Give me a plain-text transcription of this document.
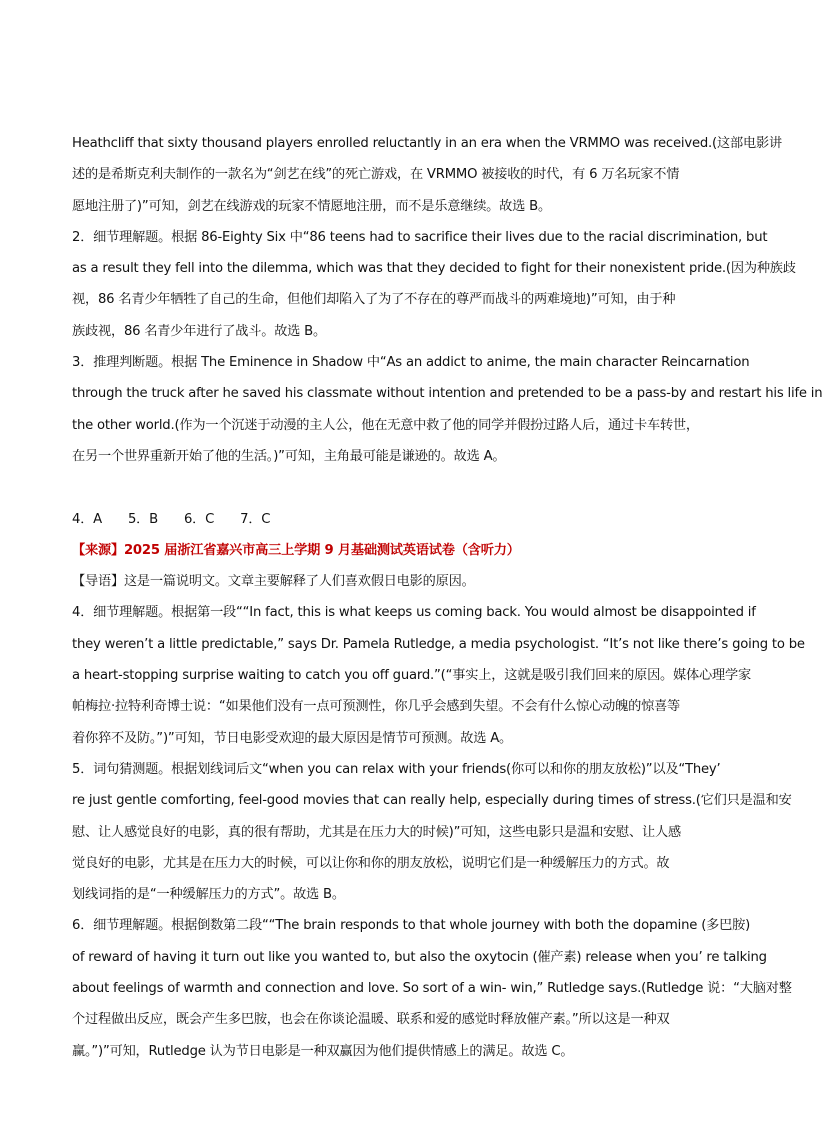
Heathcliff that sixty thousand players enrolled reluctantly in an era when the VRMMO was received.(这部电影讲
述的是希斯克利夫制作的一款名为“剑艺在线”的死亡游戏，在 VRMMO 被接收的时代，有 6 万名玩家不情
愿地注册了)”可知，剑艺在线游戏的玩家不情愿地注册，而不是乐意继续。故选 B。
2．细节理解题。根据 86-Eighty Six 中“86 teens had to sacrifice their lives due to the racial discrimination, but
as a result they fell into the dilemma, which was that they decided to fight for their nonexistent pride.(因为种族歧
视，86 名青少年牺牲了自己的生命，但他们却陷入了为了不存在的尊严而战斗的两难境地)”可知，由于种
族歧视，86 名青少年进行了战斗。故选 B。
3．推理判断题。根据 The Eminence in Shadow 中“As an addict to anime, the main character Reincarnation
through the truck after he saved his classmate without intention and pretended to be a pass-by and restart his life in
the other world.(作为一个沉迷于动漫的主人公，他在无意中救了他的同学并假扮过路人后，通过卡车转世，
在另一个世界重新开始了他的生活。)”可知，主角最可能是谦逊的。故选 A。
4．A　　5．B　　6．C　　7．C
【来源】2025 届浙江省嘉兴市高三上学期 9 月基础测试英语试卷（含听力）
【导语】这是一篇说明文。文章主要解释了人们喜欢假日电影的原因。
4．细节理解题。根据第一段““In fact, this is what keeps us coming back. You would almost be disappointed if
they weren’t a little predictable,” says Dr. Pamela Rutledge, a media psychologist. “It’s not like there’s going to be
a heart-stopping surprise waiting to catch you off guard.”(“事实上，这就是吸引我们回来的原因。媒体心理学家
帕梅拉·拉特利奇博士说：“如果他们没有一点可预测性，你几乎会感到失望。不会有什么惊心动魄的惊喜等
着你猝不及防。”)”可知，节日电影受欢迎的最大原因是情节可预测。故选 A。
5．词句猜测题。根据划线词后文“when you can relax with your friends(你可以和你的朋友放松)”以及“They’
re just gentle comforting, feel-good movies that can really help, especially during times of stress.(它们只是温和安
慰、让人感觉良好的电影，真的很有帮助，尤其是在压力大的时候)”可知，这些电影只是温和安慰、让人感
觉良好的电影，尤其是在压力大的时候，可以让你和你的朋友放松，说明它们是一种缓解压力的方式。故
划线词指的是“一种缓解压力的方式”。故选 B。
6．细节理解题。根据倒数第二段““The brain responds to that whole journey with both the dopamine (多巴胺)
of reward of having it turn out like you wanted to, but also the oxytocin (催产素) release when you’ re talking
about feelings of warmth and connection and love. So sort of a win- win,” Rutledge says.(Rutledge 说：“大脑对整
个过程做出反应，既会产生多巴胺，也会在你谈论温暖、联系和爱的感觉时释放催产素。”所以这是一种双
赢。”)”可知，Rutledge 认为节日电影是一种双赢因为他们提供情感上的满足。故选 C。
